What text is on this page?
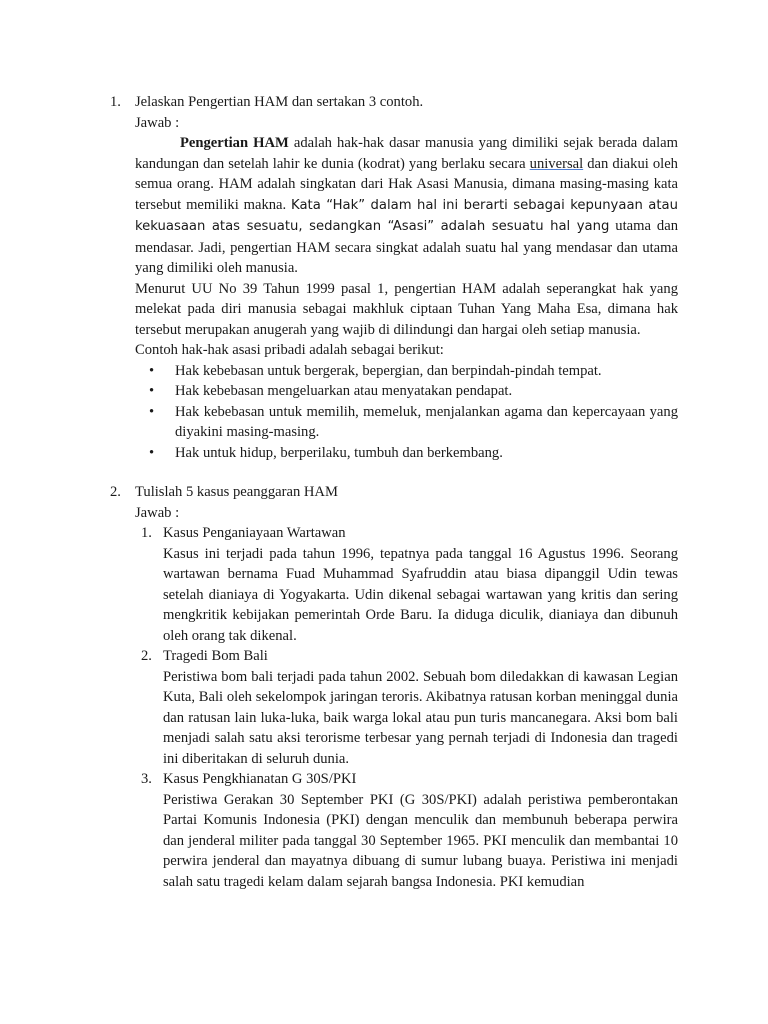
1. Jelaskan Pengertian HAM dan sertakan 3 contoh.
Jawab :
Pengertian HAM adalah hak-hak dasar manusia yang dimiliki sejak berada dalam kandungan dan setelah lahir ke dunia (kodrat) yang berlaku secara universal dan diakui oleh semua orang. HAM adalah singkatan dari Hak Asasi Manusia, dimana masing-masing kata tersebut memiliki makna. Kata “Hak” dalam hal ini berarti sebagai kepunyaan atau kekuasaan atas sesuatu, sedangkan “Asasi” adalah sesuatu hal yang utama dan mendasar. Jadi, pengertian HAM secara singkat adalah suatu hal yang mendasar dan utama yang dimiliki oleh manusia.
Menurut UU No 39 Tahun 1999 pasal 1, pengertian HAM adalah seperangkat hak yang melekat pada diri manusia sebagai makhluk ciptaan Tuhan Yang Maha Esa, dimana hak tersebut merupakan anugerah yang wajib di dilindungi dan hargai oleh setiap manusia.
Contoh hak-hak asasi pribadi adalah sebagai berikut:
• Hak kebebasan untuk bergerak, bepergian, dan berpindah-pindah tempat.
• Hak kebebasan mengeluarkan atau menyatakan pendapat.
• Hak kebebasan untuk memilih, memeluk, menjalankan agama dan kepercayaan yang diyakini masing-masing.
• Hak untuk hidup, berperilaku, tumbuh dan berkembang.
2. Tulislah 5 kasus peanggaran HAM
Jawab :
1. Kasus Penganiayaan Wartawan
Kasus ini terjadi pada tahun 1996, tepatnya pada tanggal 16 Agustus 1996. Seorang wartawan bernama Fuad Muhammad Syafruddin atau biasa dipanggil Udin tewas setelah dianiaya di Yogyakarta. Udin dikenal sebagai wartawan yang kritis dan sering mengkritik kebijakan pemerintah Orde Baru. Ia diduga diculik, dianiaya dan dibunuh oleh orang tak dikenal.
2. Tragedi Bom Bali
Peristiwa bom bali terjadi pada tahun 2002. Sebuah bom diledakkan di kawasan Legian Kuta, Bali oleh sekelompok jaringan teroris. Akibatnya ratusan korban meninggal dunia dan ratusan lain luka-luka, baik warga lokal atau pun turis mancanegara. Aksi bom bali menjadi salah satu aksi terorisme terbesar yang pernah terjadi di Indonesia dan tragedi ini diberitakan di seluruh dunia.
3. Kasus Pengkhianatan G 30S/PKI
Peristiwa Gerakan 30 September PKI (G 30S/PKI) adalah peristiwa pemberontakan Partai Komunis Indonesia (PKI) dengan menculik dan membunuh beberapa perwira dan jenderal militer pada tanggal 30 September 1965. PKI menculik dan membantai 10 perwira jenderal dan mayatnya dibuang di sumur lubang buaya. Peristiwa ini menjadi salah satu tragedi kelam dalam sejarah bangsa Indonesia. PKI kemudian
